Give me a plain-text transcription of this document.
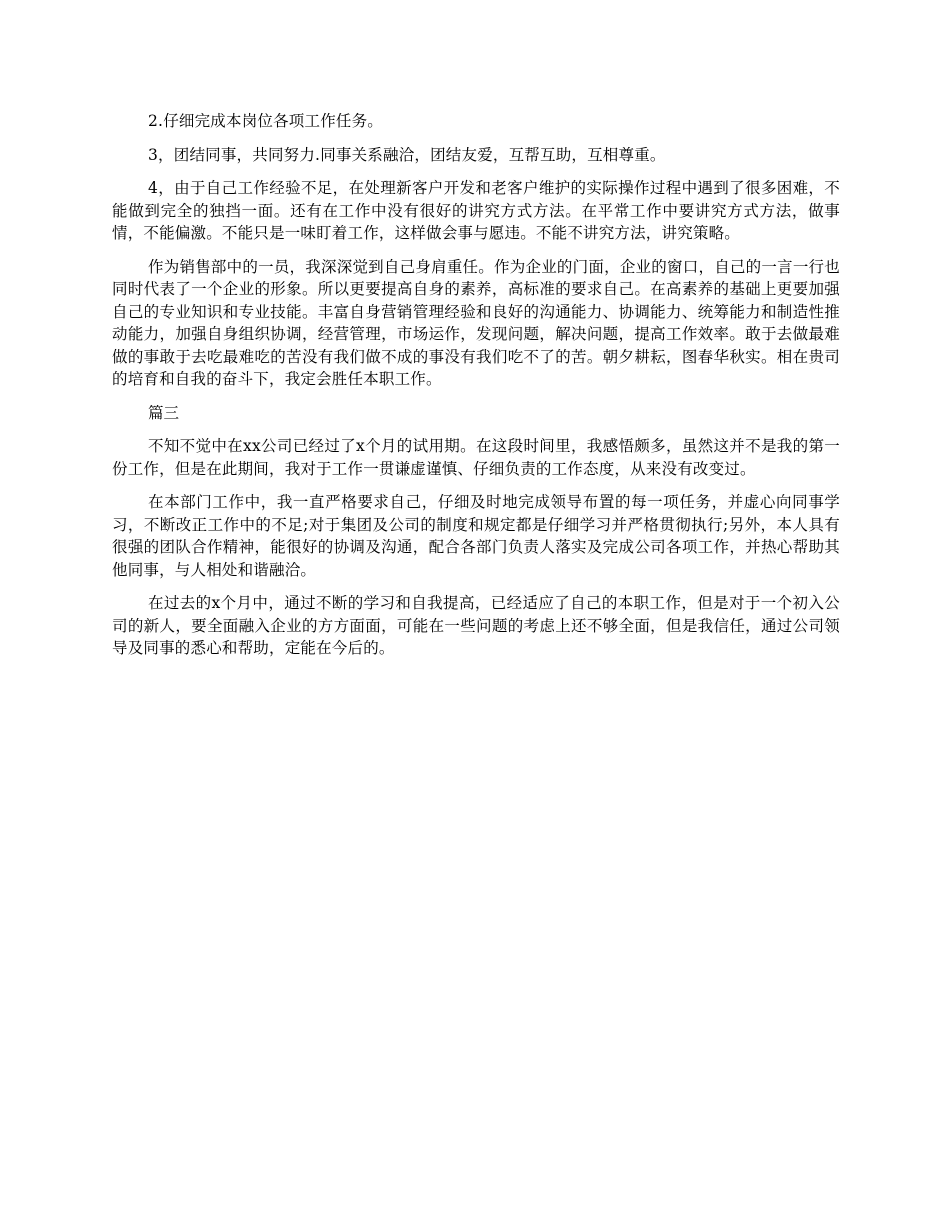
2.仔细完成本岗位各项工作任务。

3，团结同事，共同努力.同事关系融洽，团结友爱，互帮互助，互相尊重。

4，由于自己工作经验不足，在处理新客户开发和老客户维护的实际操作过程中遇到了很多困难，不能做到完全的独挡一面。还有在工作中没有很好的讲究方式方法。在平常工作中要讲究方式方法，做事情，不能偏激。不能只是一味盯着工作，这样做会事与愿违。不能不讲究方法，讲究策略。

作为销售部中的一员，我深深觉到自己身肩重任。作为企业的门面，企业的窗口，自己的一言一行也同时代表了一个企业的形象。所以更要提高自身的素养，高标准的要求自己。在高素养的基础上更要加强自己的专业知识和专业技能。丰富自身营销管理经验和良好的沟通能力、协调能力、统筹能力和制造性推动能力，加强自身组织协调，经营管理，市场运作，发现问题，解决问题，提高工作效率。敢于去做最难做的事敢于去吃最难吃的苦没有我们做不成的事没有我们吃不了的苦。朝夕耕耘，图春华秋实。相在贵司的培育和自我的奋斗下，我定会胜任本职工作。

篇三

不知不觉中在xx公司已经过了x个月的试用期。在这段时间里，我感悟颇多，虽然这并不是我的第一份工作，但是在此期间，我对于工作一贯谦虚谨慎、仔细负责的工作态度，从来没有改变过。

在本部门工作中，我一直严格要求自己，仔细及时地完成领导布置的每一项任务，并虚心向同事学习，不断改正工作中的不足;对于集团及公司的制度和规定都是仔细学习并严格贯彻执行;另外，本人具有很强的团队合作精神，能很好的协调及沟通，配合各部门负责人落实及完成公司各项工作，并热心帮助其他同事，与人相处和谐融洽。

在过去的x个月中，通过不断的学习和自我提高，已经适应了自己的本职工作，但是对于一个初入公司的新人，要全面融入企业的方方面面，可能在一些问题的考虑上还不够全面，但是我信任，通过公司领导及同事的悉心和帮助，定能在今后的。
